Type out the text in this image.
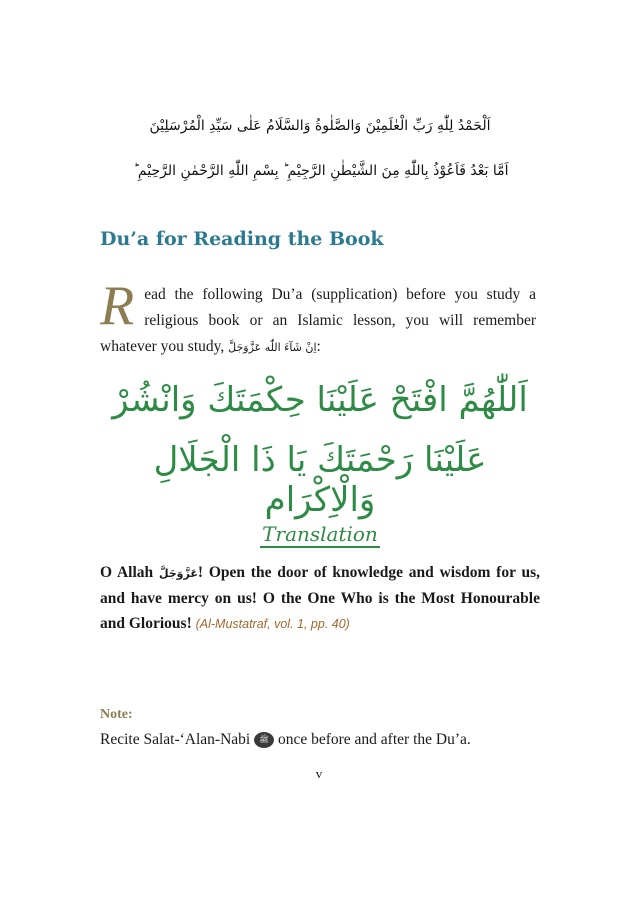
اَلْحَمْدُ لِلّٰهِ رَبِّ الْعٰلَمِيْنَ وَالصَّلٰوةُ وَالسَّلَامُ عَلٰى سَيِّدِ الْمُرْسَلِيْنَ
اَمَّا بَعْدُ فَاَعُوْذُ بِاللّٰهِ مِنَ الشَّيْطٰنِ الرَّجِيْمِ ؕ بِسْمِ اللّٰهِ الرَّحْمٰنِ الرَّحِيْمِ ؕ
Du’a for Reading the Book
Read the following Du’a (supplication) before you study a religious book or an Islamic lesson, you will remember whatever you study, اِنْ شَآءَ اللّٰه عَزَّوَجَلَّ:
اَللّٰهُمَّ افْتَحْ عَلَيْنَا حِكْمَتَكَ وَانْشُرْ
عَلَيْنَا رَحْمَتَكَ يَا ذَا الْجَلَالِ وَالْاِكْرَام
Translation
O Allah عَزَّوَجَلَّ! Open the door of knowledge and wisdom for us, and have mercy on us! O the One Who is the Most Honourable and Glorious! (Al-Mustatraf, vol. 1, pp. 40)
Note:
Recite Salat-‘Alan-Nabi ﷺ once before and after the Du’a.
v
